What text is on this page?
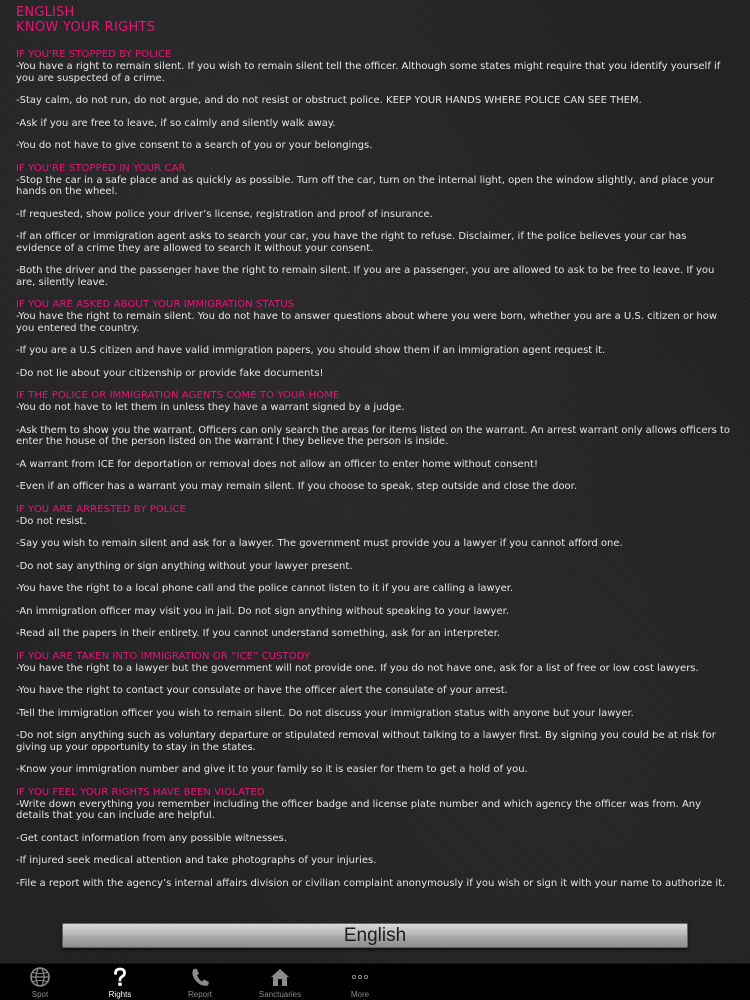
ENGLISH
KNOW YOUR RIGHTS
IF YOU'RE STOPPED BY POLICE
-You have a right to remain silent. If you wish to remain silent tell the officer. Although some states might require that you identify yourself if you are suspected of a crime.
-Stay calm, do not run, do not argue, and do not resist or obstruct police. KEEP YOUR HANDS WHERE POLICE CAN SEE THEM.
-Ask if you are free to leave, if so calmly and silently walk away.
-You do not have to give consent to a search of you or your belongings.
IF YOU'RE STOPPED IN YOUR CAR
-Stop the car in a safe place and as quickly as possible. Turn off the car, turn on the internal light, open the window slightly, and place your hands on the wheel.
-If requested, show police your driver’s license, registration and proof of insurance.
-If an officer or immigration agent asks to search your car, you have the right to refuse. Disclaimer, if the police believes your car has evidence of a crime they are allowed to search it without your consent.
-Both the driver and the passenger have the right to remain silent. If you are a passenger, you are allowed to ask to be free to leave. If you are, silently leave.
IF YOU ARE ASKED ABOUT YOUR IMMIGRATION STATUS
-You have the right to remain silent. You do not have to answer questions about where you were born, whether you are a U.S. citizen or how you entered the country.
-If you are a U.S citizen and have valid immigration papers, you should show them if an immigration agent request it.
-Do not lie about your citizenship or provide fake documents!
IF THE POLICE OR IMMIGRATION AGENTS COME TO YOUR HOME
-You do not have to let them in unless they have a warrant signed by a judge.
-Ask them to show you the warrant. Officers can only search the areas for items listed on the warrant. An arrest warrant only allows officers to enter the house of the person listed on the warrant I they believe the person is inside.
-A warrant from ICE for deportation or removal does not allow an officer to enter home without consent!
-Even if an officer has a warrant you may remain silent. If you choose to speak, step outside and close the door.
IF YOU ARE ARRESTED BY POLICE
-Do not resist.
-Say you wish to remain silent and ask for a lawyer. The government must provide you a lawyer if you cannot afford one.
-Do not say anything or sign anything without your lawyer present.
-You have the right to a local phone call and the police cannot listen to it if you are calling a lawyer.
-An immigration officer may visit you in jail. Do not sign anything without speaking to your lawyer.
-Read all the papers in their entirety. If you cannot understand something, ask for an interpreter.
IF YOU ARE TAKEN INTO IMMIGRATION OR “ICE” CUSTODY
-You have the right to a lawyer but the government will not provide one. If you do not have one, ask for a list of free or low cost lawyers.
-You have the right to contact your consulate or have the officer alert the consulate of your arrest.
-Tell the immigration officer you wish to remain silent. Do not discuss your immigration status with anyone but your lawyer.
-Do not sign anything such as voluntary departure or stipulated removal without talking to a lawyer first. By signing you could be at risk for giving up your opportunity to stay in the states.
-Know your immigration number and give it to your family so it is easier for them to get a hold of you.
IF YOU FEEL YOUR RIGHTS HAVE BEEN VIOLATED
-Write down everything you remember including the officer badge and license plate number and which agency the officer was from. Any details that you can include are helpful.
-Get contact information from any possible witnesses.
-If injured seek medical attention and take photographs of your injuries.
-File a report with the agency’s internal affairs division or civilian complaint anonymously if you wish or sign it with your name to authorize it.
English
Spot	Rights	Report	Sanctuaries	More
